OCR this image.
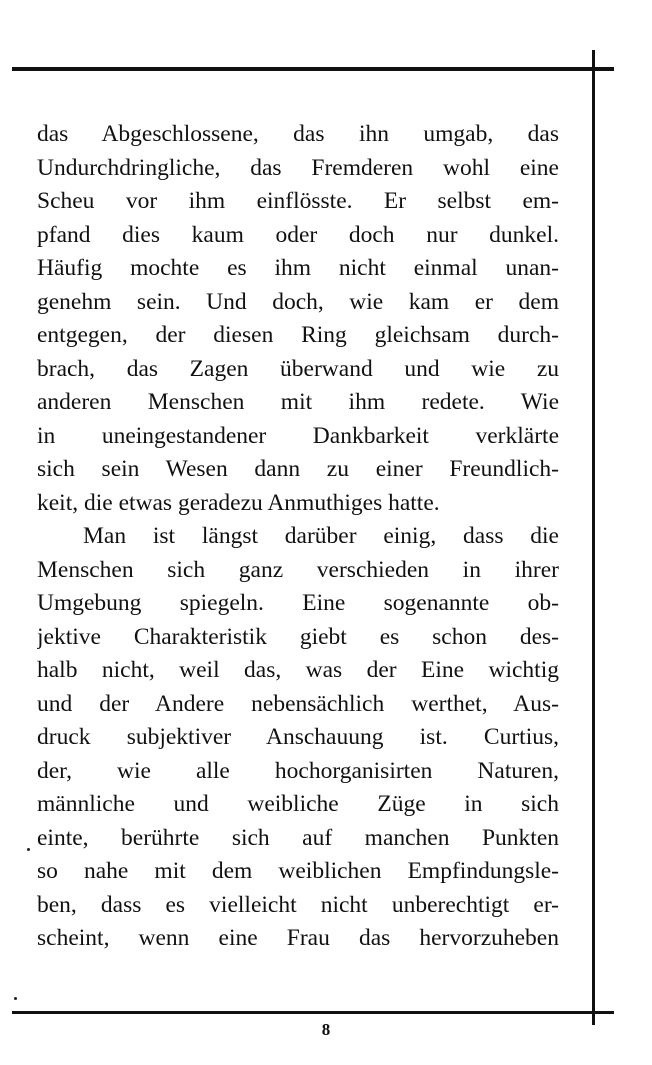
das Abgeschlossene, das ihn umgab, das
Undurchdringliche, das Fremderen wohl eine
Scheu vor ihm einflösste. Er selbst em-
pfand dies kaum oder doch nur dunkel.
Häufig mochte es ihm nicht einmal unan-
genehm sein. Und doch, wie kam er dem
entgegen, der diesen Ring gleichsam durch-
brach, das Zagen überwand und wie zu
anderen Menschen mit ihm redete. Wie
in uneingestandener Dankbarkeit verklärte
sich sein Wesen dann zu einer Freundlich-
keit, die etwas geradezu Anmuthiges hatte.
Man ist längst darüber einig, dass die
Menschen sich ganz verschieden in ihrer
Umgebung spiegeln. Eine sogenannte ob-
jektive Charakteristik giebt es schon des-
halb nicht, weil das, was der Eine wichtig
und der Andere nebensächlich werthet, Aus-
druck subjektiver Anschauung ist. Curtius,
der, wie alle hochorganisirten Naturen,
männliche und weibliche Züge in sich
einte, berührte sich auf manchen Punkten
so nahe mit dem weiblichen Empfindungsle-
ben, dass es vielleicht nicht unberechtigt er-
scheint, wenn eine Frau das hervorzuheben
8
